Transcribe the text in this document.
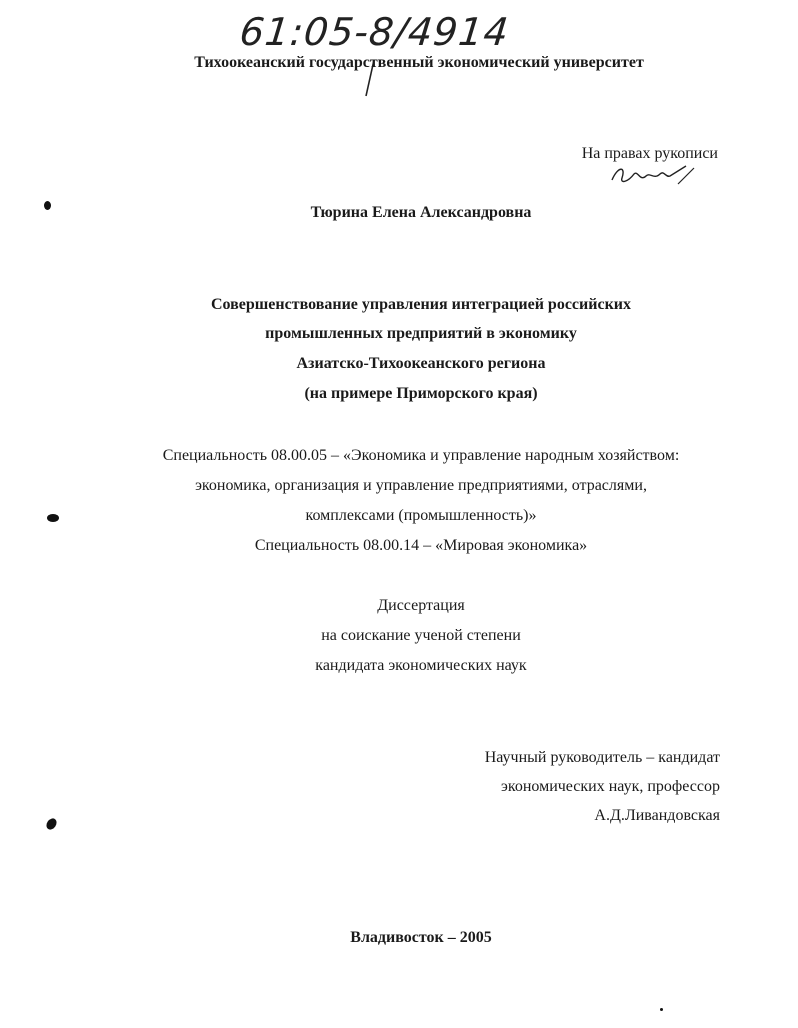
61:05-8/4914
Тихоокеанский государственный экономический университет
На правах рукописи
Тюрина Елена Александровна
Совершенствование управления интеграцией российских
промышленных предприятий в экономику
Азиатско-Тихоокеанского региона
(на примере Приморского края)
Специальность 08.00.05 – «Экономика и управление народным хозяйством:
экономика, организация и управление предприятиями, отраслями,
комплексами (промышленность)»
Специальность 08.00.14 – «Мировая экономика»
Диссертация
на соискание ученой степени
кандидата экономических наук
Научный руководитель – кандидат
экономических наук, профессор
А.Д.Ливандовская
Владивосток – 2005
